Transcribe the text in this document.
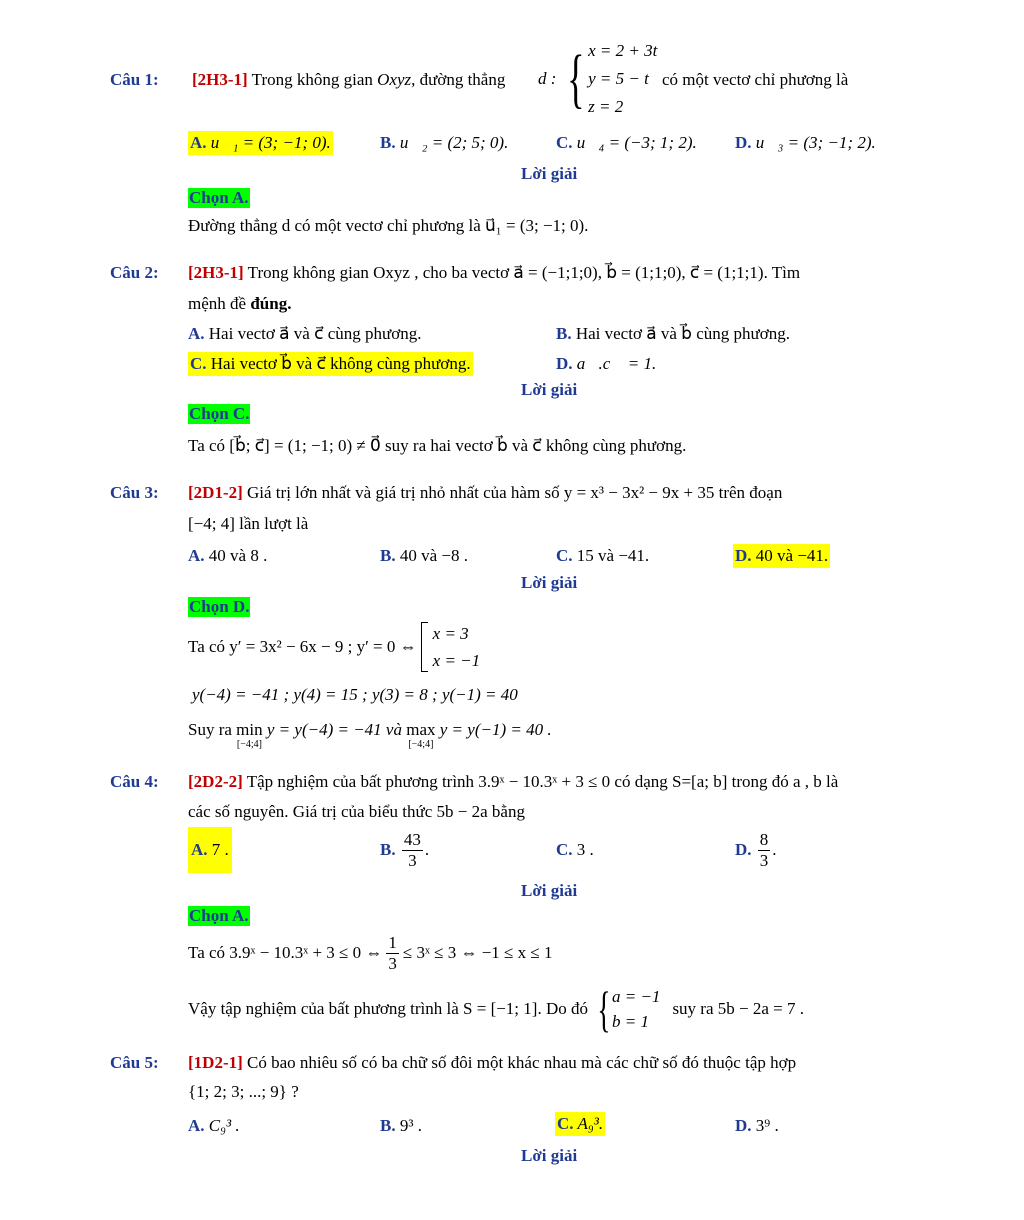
Câu 1: [2H3-1] Trong không gian Oxyz, đường thẳng d : { x = 2 + 3t
y = 5 − t
z = 2
có một vectơ chỉ phương là
A. u⃗₁ = (3; −1; 0).	B. u⃗₂ = (2; 5; 0).	C. u⃗₄ = (−3; 1; 2). D. u⃗₃ = (3; −1; 2).
Lời giải
Chọn A.
Đường thẳng d có một vectơ chỉ phương là u⃗₁ = (3; −1; 0).
Câu 2: [2H3-1] Trong không gian Oxyz , cho ba vectơ a⃗ = (−1;1;0), b⃗ = (1;1;0), c⃗ = (1;1;1). Tìm
mệnh đề đúng.
A. Hai vectơ a⃗ và c⃗ cùng phương.	B. Hai vectơ a⃗ và b⃗ cùng phương.
C. Hai vectơ b⃗ và c⃗ không cùng phương.	D. a⃗.c⃗ = 1.
Lời giải
Chọn C.
Ta có [b⃗; c⃗] = (1; −1; 0) ≠ 0⃗ suy ra hai vectơ b⃗ và c⃗ không cùng phương.
Câu 3: [2D1-2] Giá trị lớn nhất và giá trị nhỏ nhất của hàm số y = x³ − 3x² − 9x + 35 trên đoạn
[−4; 4] lần lượt là
A. 40 và 8 .	B. 40 và −8 .	C. 15 và −41.	D. 40 và −41.
Lời giải
Chọn D.
Ta có y′ = 3x² − 6x − 9 ; y′ = 0 ⇔
x = 3
x = −1
y(−4) = −41 ; y(4) = 15 ; y(3) = 8 ; y(−1) = 40
Suy ra min
[−4;4]
y = y(−4) = −41 và max
[−4;4]
y = y(−1) = 40 .
Câu 4: [2D2-2] Tập nghiệm của bất phương trình 3.9ˣ − 10.3ˣ + 3 ≤ 0 có dạng S=[a; b] trong đó a , b là
các số nguyên. Giá trị của biểu thức 5b − 2a bằng
A.
7 .	B.
$\frac{43}{3}$ .	C.
3 .	D.
$\frac{8}{3}$ .
Lời giải
Chọn A.
Ta có 3.9ˣ − 10.3ˣ + 3 ≤ 0 ⇔ $\frac{1}{3}$ ≤ 3ˣ ≤ 3 ⇔ −1 ≤ x ≤ 1
Vậy tập nghiệm của bất phương trình là S = [−1; 1]. Do đó { a = −1
b = 1
suy ra 5b − 2a = 7 .
Câu 5: [1D2-1] Có bao nhiêu số có ba chữ số đôi một khác nhau mà các chữ số đó thuộc tập hợp
{1; 2; 3; ...; 9} ?
A. C₉³ .	B. 9³ .	C. A₉³.	D. 3⁹ .
Lời giải
